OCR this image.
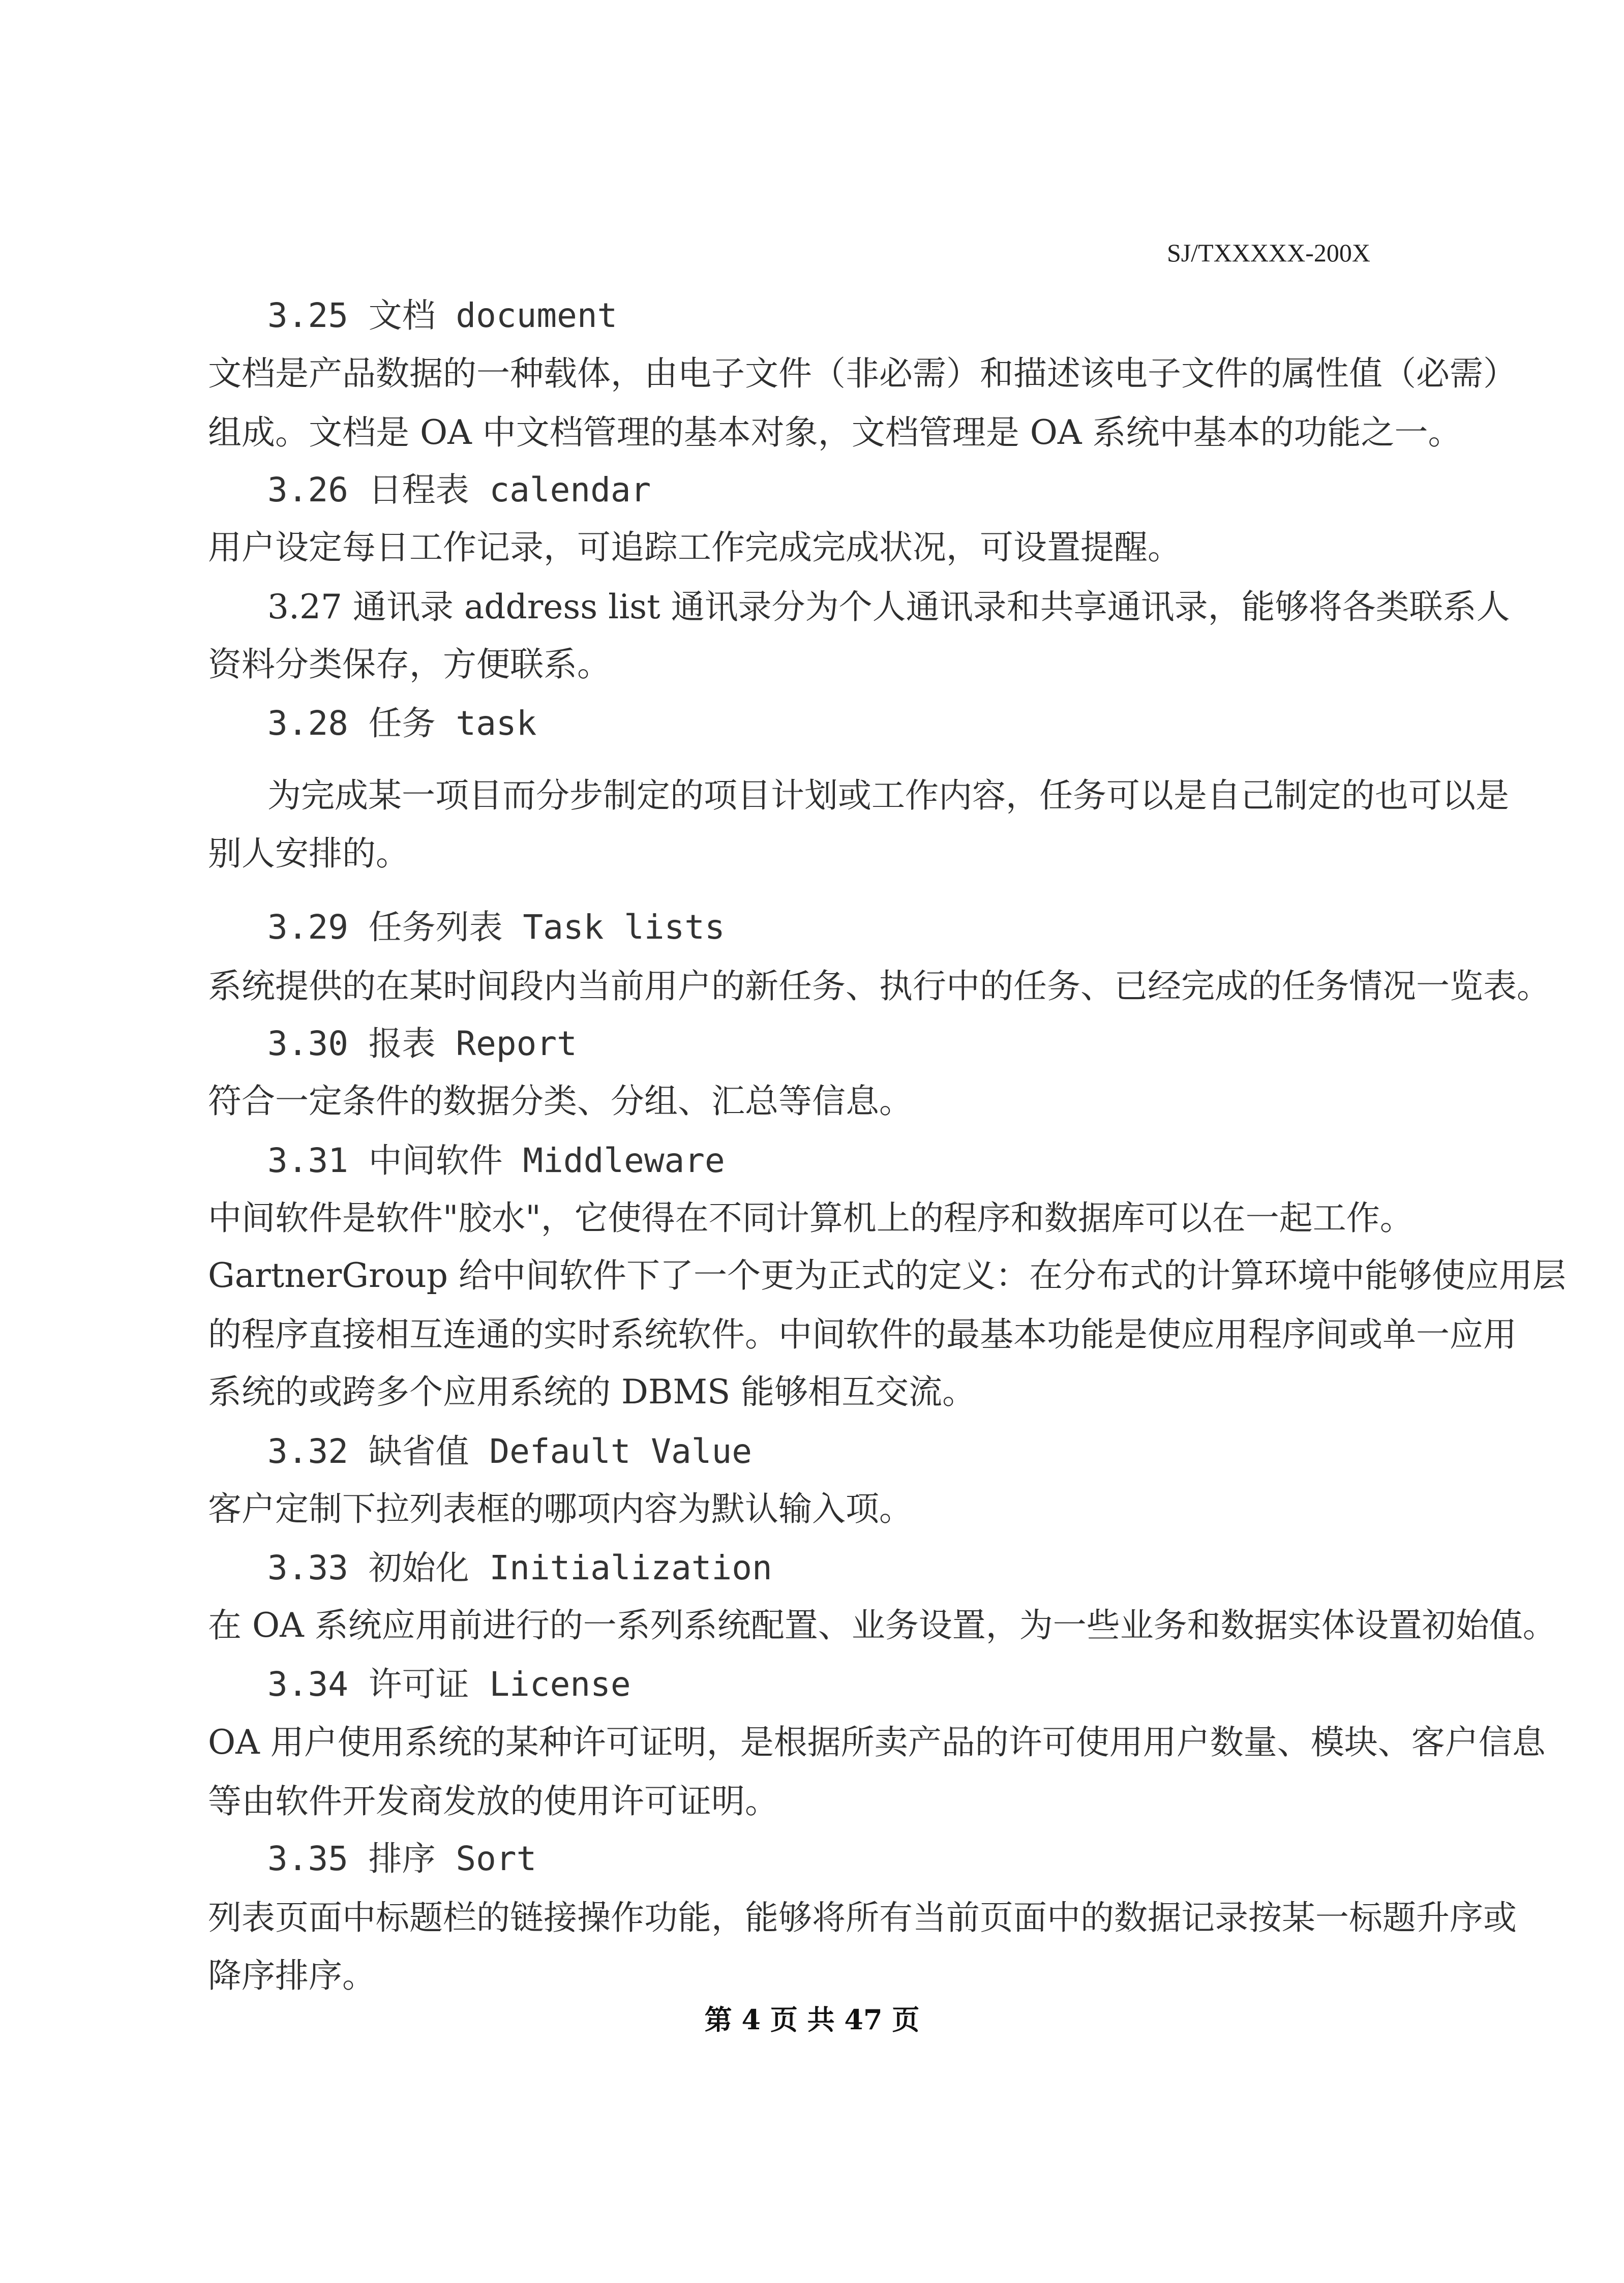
SJ/TXXXXX-200X
3.25 文档 document
文档是产品数据的一种载体，由电子文件（非必需）和描述该电子文件的属性值（必需）
组成。文档是 OA 中文档管理的基本对象，文档管理是 OA 系统中基本的功能之一。
3.26 日程表 calendar
用户设定每日工作记录，可追踪工作完成完成状况，可设置提醒。
3.27 通讯录 address list 通讯录分为个人通讯录和共享通讯录，能够将各类联系人
资料分类保存，方便联系。
3.28 任务 task
为完成某一项目而分步制定的项目计划或工作内容，任务可以是自己制定的也可以是
别人安排的。
3.29 任务列表 Task lists
系统提供的在某时间段内当前用户的新任务、执行中的任务、已经完成的任务情况一览表。
3.30 报表 Report
符合一定条件的数据分类、分组、汇总等信息。
3.31 中间软件 Middleware
中间软件是软件"胶水"，它使得在不同计算机上的程序和数据库可以在一起工作。
GartnerGroup 给中间软件下了一个更为正式的定义：在分布式的计算环境中能够使应用层
的程序直接相互连通的实时系统软件。中间软件的最基本功能是使应用程序间或单一应用
系统的或跨多个应用系统的 DBMS 能够相互交流。
3.32 缺省值 Default Value
客户定制下拉列表框的哪项内容为默认输入项。
3.33 初始化 Initialization
在 OA 系统应用前进行的一系列系统配置、业务设置，为一些业务和数据实体设置初始值。
3.34 许可证 License
OA 用户使用系统的某种许可证明，是根据所卖产品的许可使用用户数量、模块、客户信息
等由软件开发商发放的使用许可证明。
3.35 排序 Sort
列表页面中标题栏的链接操作功能，能够将所有当前页面中的数据记录按某一标题升序或
降序排序。
第 4 页 共 47 页
